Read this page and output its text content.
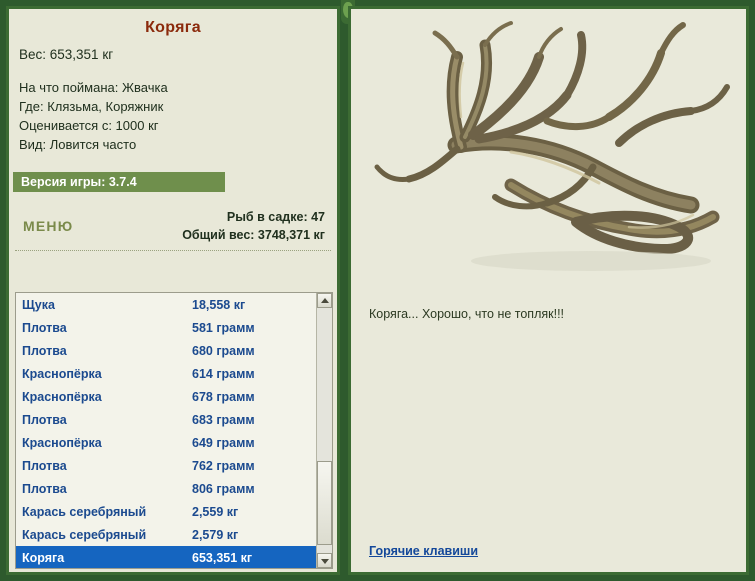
Коряга
Вес: 653,351 кг
На что поймана: Жвачка
Где: Клязьма, Коряжник
Оценивается с: 1000 кг
Вид: Ловится часто
Версия игры: 3.7.4
МЕНЮ
Рыб в садке: 47
Общий вес: 3748,371 кг
Щука	18,558 кг
Плотва	581 грамм
Плотва	680 грамм
Краснопёрка	614 грамм
Краснопёрка	678 грамм
Плотва	683 грамм
Краснопёрка	649 грамм
Плотва	762 грамм
Плотва	806 грамм
Карась серебряный	2,559 кг
Карась серебряный	2,579 кг
Коряга	653,351 кг
Коряга... Хорошо, что не топляк!!!
Горячие клавиши
